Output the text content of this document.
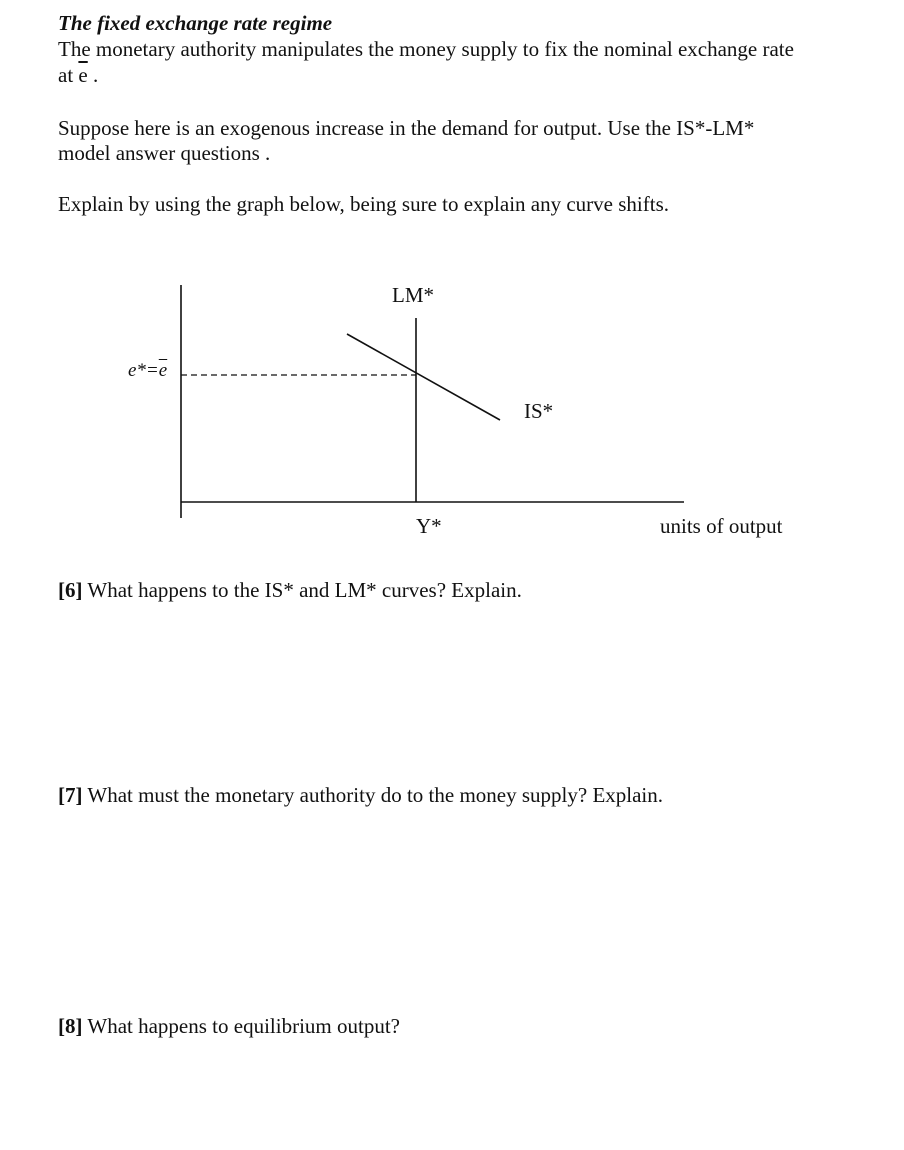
The fixed exchange rate regime

The monetary authority manipulates the money supply to fix the nominal exchange rate

at $\overline{e}$ .

Suppose here is an exogenous increase in the demand for output. Use the IS*-LM*

model answer questions .

Explain by using the graph below, being sure to explain any curve shifts.

LM*
IS*
Y*
$e*=\overline{e}$
units of output

[6] What happens to the IS* and LM* curves? Explain.

[7] What must the monetary authority do to the money supply? Explain.

[8] What happens to equilibrium output?
